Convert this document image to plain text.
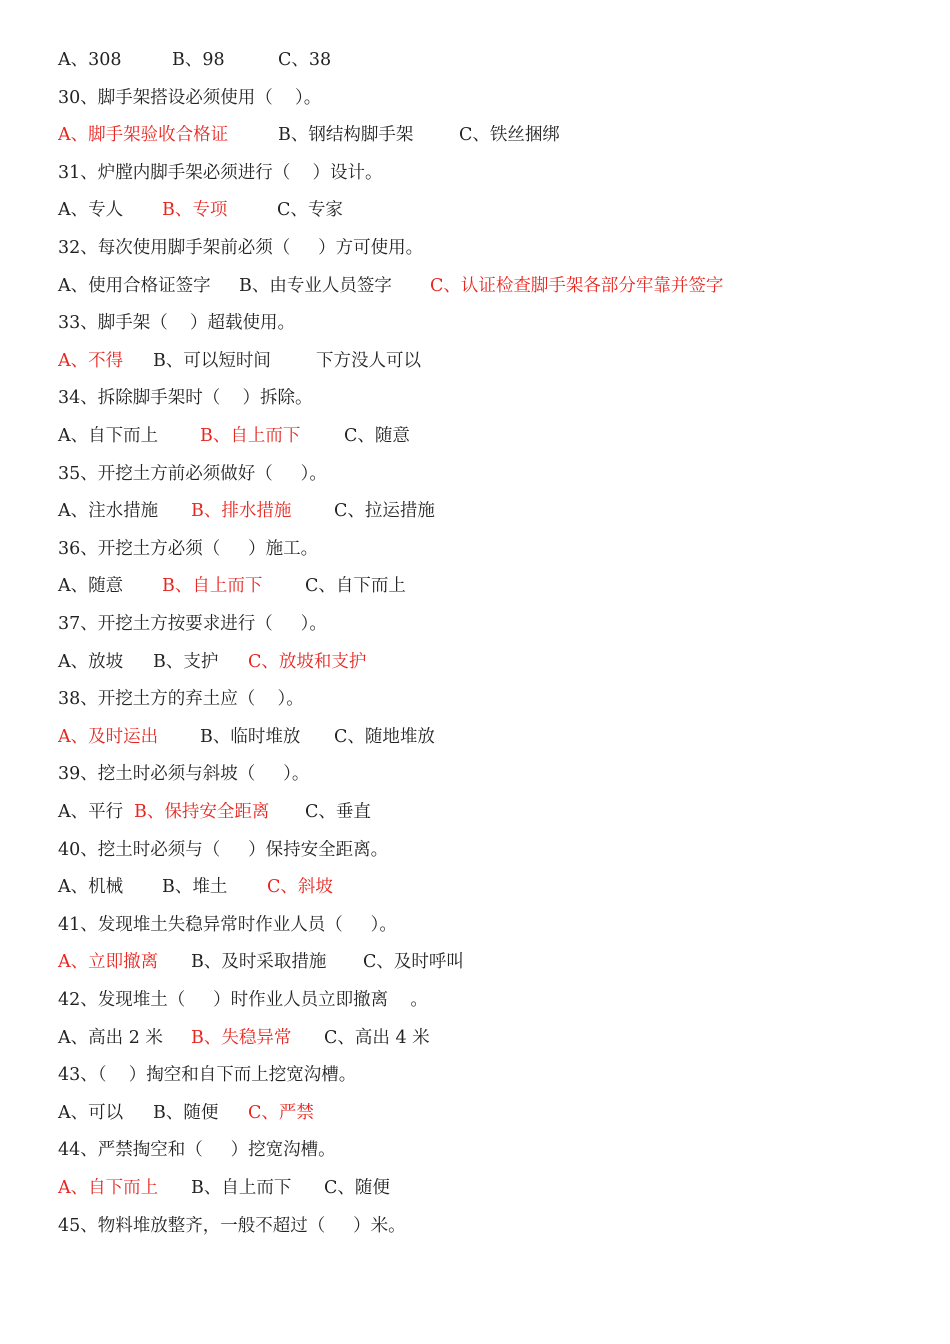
A、308	B、98	C、38
30、脚手架搭设必须使用（    ）。
A、脚手架验收合格证	B、钢结构脚手架	C、铁丝捆绑
31、炉膛内脚手架必须进行（    ）设计。
A、专人 B、专项	C、专家
32、每次使用脚手架前必须（     ）方可使用。
A、使用合格证签字 B、由专业人员签字 C、认证检查脚手架各部分牢靠并签字
33、脚手架（    ）超载使用。
A、不得 B、可以短时间	下方没人可以
34、拆除脚手架时（    ）拆除。
A、自下而上 B、自上而下 C、随意
35、开挖土方前必须做好（     ）。
A、注水措施 B、排水措施 C、拉运措施
36、开挖土方必须（     ）施工。
A、随意 B、自上而下 C、自下而上
37、开挖土方按要求进行（     ）。
A、放坡 B、支护 C、放坡和支护
38、开挖土方的弃土应（    ）。
A、及时运出 B、临时堆放 C、随地堆放
39、挖土时必须与斜坡（     ）。
A、平行 B、保持安全距离 C、垂直
40、挖土时必须与（     ）保持安全距离。
A、机械 B、堆土 C、斜坡
41、发现堆土失稳异常时作业人员（     ）。
A、立即撤离 B、及时采取措施 C、及时呼叫
42、发现堆土（     ）时作业人员立即撤离    。
A、高出 2 米 B、失稳异常 C、高出 4 米
43、（    ）掏空和自下而上挖宽沟槽。
A、可以 B、随便 C、严禁
44、严禁掏空和（     ）挖宽沟槽。
A、自下而上 B、自上而下 C、随便
45、物料堆放整齐，一般不超过（     ）米。
